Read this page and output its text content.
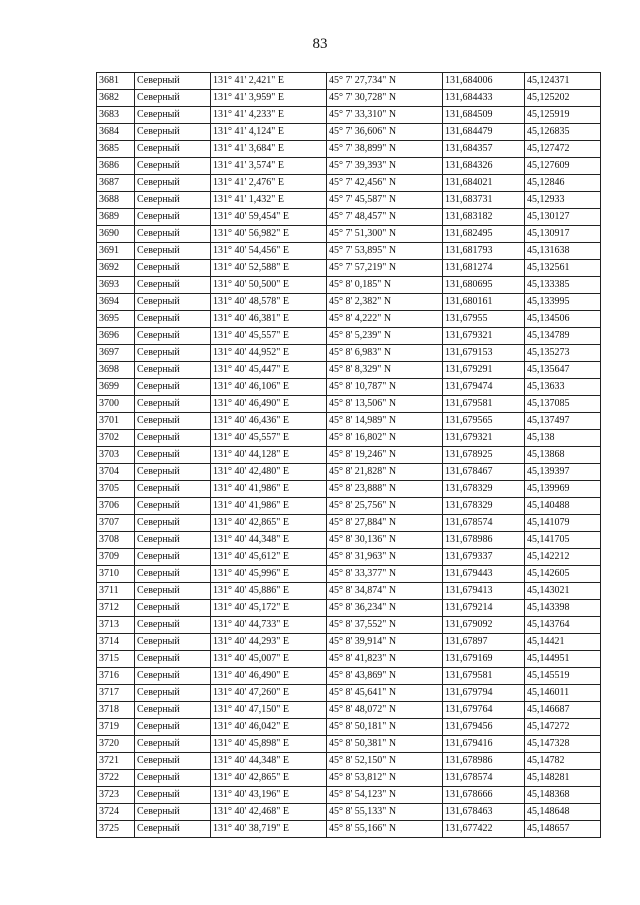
83
3681	Северный	131° 41' 2,421" E	45° 7' 27,734" N	131,684006	45,124371
3682	Северный	131° 41' 3,959" E	45° 7' 30,728" N	131,684433	45,125202
3683	Северный	131° 41' 4,233" E	45° 7' 33,310" N	131,684509	45,125919
3684	Северный	131° 41' 4,124" E	45° 7' 36,606" N	131,684479	45,126835
3685	Северный	131° 41' 3,684" E	45° 7' 38,899" N	131,684357	45,127472
3686	Северный	131° 41' 3,574" E	45° 7' 39,393" N	131,684326	45,127609
3687	Северный	131° 41' 2,476" E	45° 7' 42,456" N	131,684021	45,12846
3688	Северный	131° 41' 1,432" E	45° 7' 45,587" N	131,683731	45,12933
3689	Северный	131° 40' 59,454" E	45° 7' 48,457" N	131,683182	45,130127
3690	Северный	131° 40' 56,982" E	45° 7' 51,300" N	131,682495	45,130917
3691	Северный	131° 40' 54,456" E	45° 7' 53,895" N	131,681793	45,131638
3692	Северный	131° 40' 52,588" E	45° 7' 57,219" N	131,681274	45,132561
3693	Северный	131° 40' 50,500" E	45° 8' 0,185" N	131,680695	45,133385
3694	Северный	131° 40' 48,578" E	45° 8' 2,382" N	131,680161	45,133995
3695	Северный	131° 40' 46,381" E	45° 8' 4,222" N	131,67955	45,134506
3696	Северный	131° 40' 45,557" E	45° 8' 5,239" N	131,679321	45,134789
3697	Северный	131° 40' 44,952" E	45° 8' 6,983" N	131,679153	45,135273
3698	Северный	131° 40' 45,447" E	45° 8' 8,329" N	131,679291	45,135647
3699	Северный	131° 40' 46,106" E	45° 8' 10,787" N	131,679474	45,13633
3700	Северный	131° 40' 46,490" E	45° 8' 13,506" N	131,679581	45,137085
3701	Северный	131° 40' 46,436" E	45° 8' 14,989" N	131,679565	45,137497
3702	Северный	131° 40' 45,557" E	45° 8' 16,802" N	131,679321	45,138
3703	Северный	131° 40' 44,128" E	45° 8' 19,246" N	131,678925	45,13868
3704	Северный	131° 40' 42,480" E	45° 8' 21,828" N	131,678467	45,139397
3705	Северный	131° 40' 41,986" E	45° 8' 23,888" N	131,678329	45,139969
3706	Северный	131° 40' 41,986" E	45° 8' 25,756" N	131,678329	45,140488
3707	Северный	131° 40' 42,865" E	45° 8' 27,884" N	131,678574	45,141079
3708	Северный	131° 40' 44,348" E	45° 8' 30,136" N	131,678986	45,141705
3709	Северный	131° 40' 45,612" E	45° 8' 31,963" N	131,679337	45,142212
3710	Северный	131° 40' 45,996" E	45° 8' 33,377" N	131,679443	45,142605
3711	Северный	131° 40' 45,886" E	45° 8' 34,874" N	131,679413	45,143021
3712	Северный	131° 40' 45,172" E	45° 8' 36,234" N	131,679214	45,143398
3713	Северный	131° 40' 44,733" E	45° 8' 37,552" N	131,679092	45,143764
3714	Северный	131° 40' 44,293" E	45° 8' 39,914" N	131,67897	45,14421
3715	Северный	131° 40' 45,007" E	45° 8' 41,823" N	131,679169	45,144951
3716	Северный	131° 40' 46,490" E	45° 8' 43,869" N	131,679581	45,145519
3717	Северный	131° 40' 47,260" E	45° 8' 45,641" N	131,679794	45,146011
3718	Северный	131° 40' 47,150" E	45° 8' 48,072" N	131,679764	45,146687
3719	Северный	131° 40' 46,042" E	45° 8' 50,181" N	131,679456	45,147272
3720	Северный	131° 40' 45,898" E	45° 8' 50,381" N	131,679416	45,147328
3721	Северный	131° 40' 44,348" E	45° 8' 52,150" N	131,678986	45,14782
3722	Северный	131° 40' 42,865" E	45° 8' 53,812" N	131,678574	45,148281
3723	Северный	131° 40' 43,196" E	45° 8' 54,123" N	131,678666	45,148368
3724	Северный	131° 40' 42,468" E	45° 8' 55,133" N	131,678463	45,148648
3725	Северный	131° 40' 38,719" E	45° 8' 55,166" N	131,677422	45,148657
